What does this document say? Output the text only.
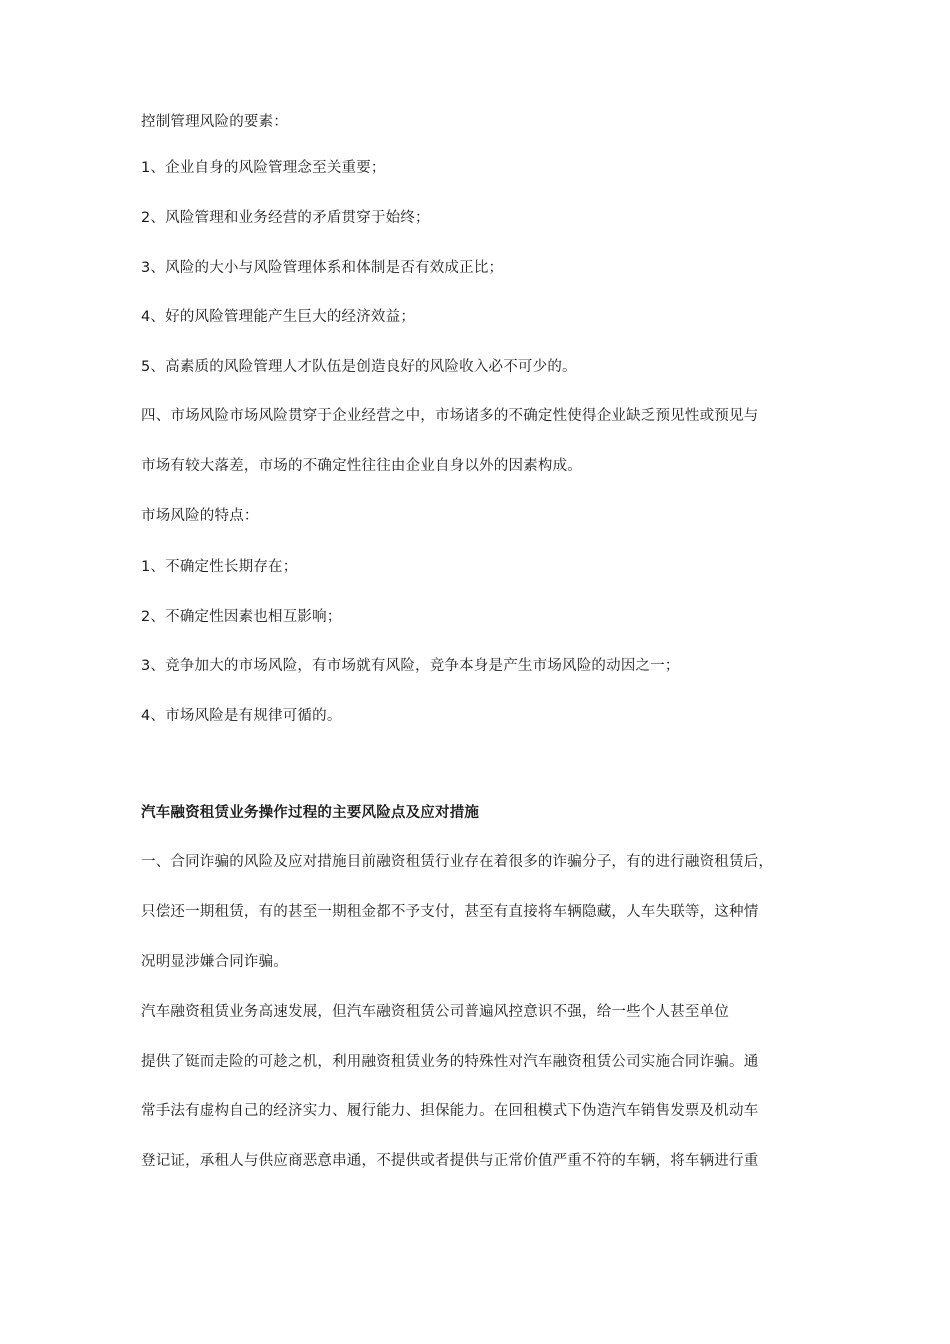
控制管理风险的要素：
1、企业自身的风险管理念至关重要；
2、风险管理和业务经营的矛盾贯穿于始终；
3、风险的大小与风险管理体系和体制是否有效成正比；
4、好的风险管理能产生巨大的经济效益；
5、高素质的风险管理人才队伍是创造良好的风险收入必不可少的。
四、市场风险市场风险贯穿于企业经营之中，市场诸多的不确定性使得企业缺乏预见性或预见与
市场有较大落差，市场的不确定性往往由企业自身以外的因素构成。
市场风险的特点：
1、不确定性长期存在；
2、不确定性因素也相互影响；
3、竞争加大的市场风险，有市场就有风险，竞争本身是产生市场风险的动因之一；
4、市场风险是有规律可循的。
汽车融资租赁业务操作过程的主要风险点及应对措施
一、合同诈骗的风险及应对措施目前融资租赁行业存在着很多的诈骗分子，有的进行融资租赁后，
只偿还一期租赁，有的甚至一期租金都不予支付，甚至有直接将车辆隐藏，人车失联等，这种情
况明显涉嫌合同诈骗。
汽车融资租赁业务高速发展，但汽车融资租赁公司普遍风控意识不强，给一些个人甚至单位
提供了铤而走险的可趁之机，利用融资租赁业务的特殊性对汽车融资租赁公司实施合同诈骗。通
常手法有虚构自己的经济实力、履行能力、担保能力。在回租模式下伪造汽车销售发票及机动车
登记证，承租人与供应商恶意串通，不提供或者提供与正常价值严重不符的车辆，将车辆进行重
